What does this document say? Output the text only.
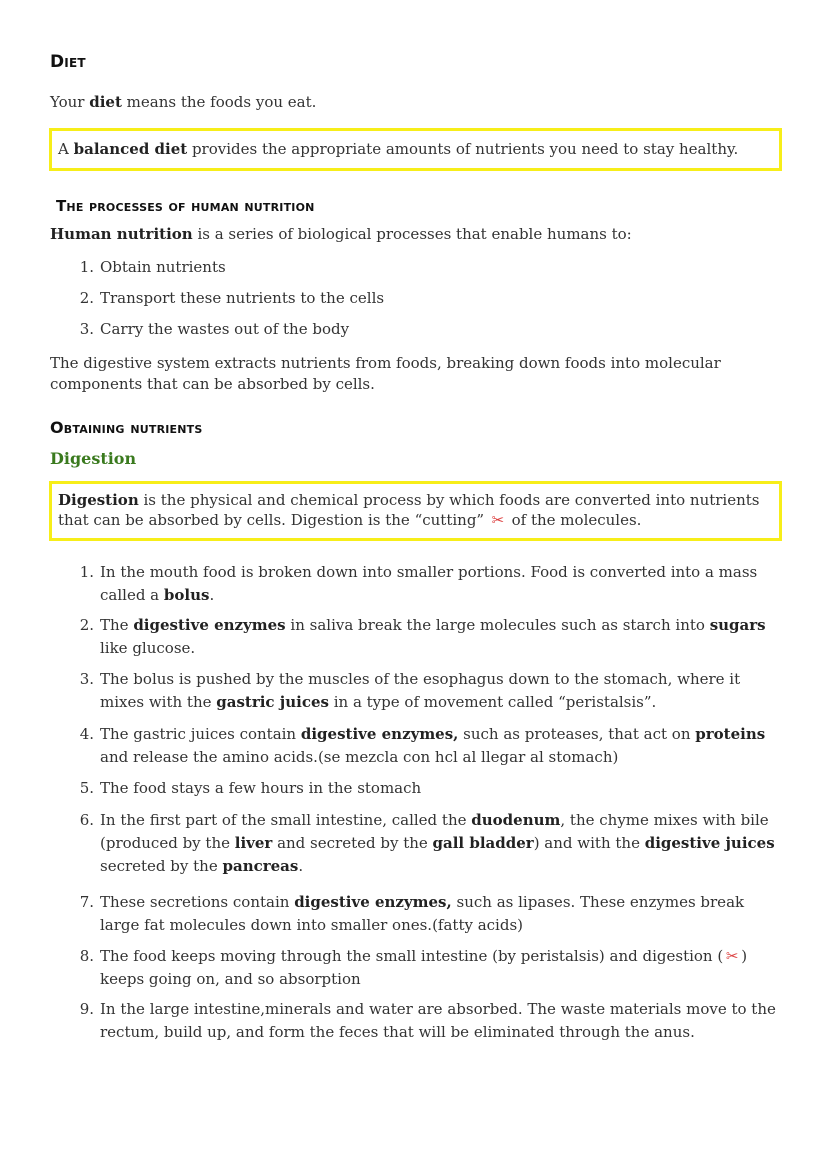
Diet

Your diet means the foods you eat.

A balanced diet provides the appropriate amounts of nutrients you need to stay healthy.
The processes of human nutrition

Human nutrition is a series of biological processes that enable humans to:

1. Obtain nutrients
2. Transport these nutrients to the cells
3. Carry the wastes out of the body

The digestive system extracts nutrients from foods, breaking down foods into molecular components that can be absorbed by cells.

Obtaining nutrients
Digestion
Digestion is the physical and chemical process by which foods are converted into nutrients that can be absorbed by cells. Digestion is the “cutting” ✂ of the molecules.
1. In the mouth food is broken down into smaller portions. Food is converted into a mass called a bolus.
2. The digestive enzymes in saliva break the large molecules such as starch into sugars like glucose.
3. The bolus is pushed by the muscles of the esophagus down to the stomach, where it mixes with the gastric juices in a type of movement called “peristalsis”.
4. The gastric juices contain digestive enzymes, such as proteases, that act on proteins and release the amino acids.(se mezcla con hcl al llegar al stomach)
5. The food stays a few hours in the stomach
6. In the first part of the small intestine, called the duodenum, the chyme mixes with bile (produced by the liver and secreted by the gall bladder) and with the digestive juices secreted by the pancreas.
7. These secretions contain digestive enzymes, such as lipases. These enzymes break large fat molecules down into smaller ones.(fatty acids)
8. The food keeps moving through the small intestine (by peristalsis) and digestion ( ✂ ) keeps going on, and so absorption
9. In the large intestine,minerals and water are absorbed. The waste materials move to the rectum, build up, and form the feces that will be eliminated through the anus.
